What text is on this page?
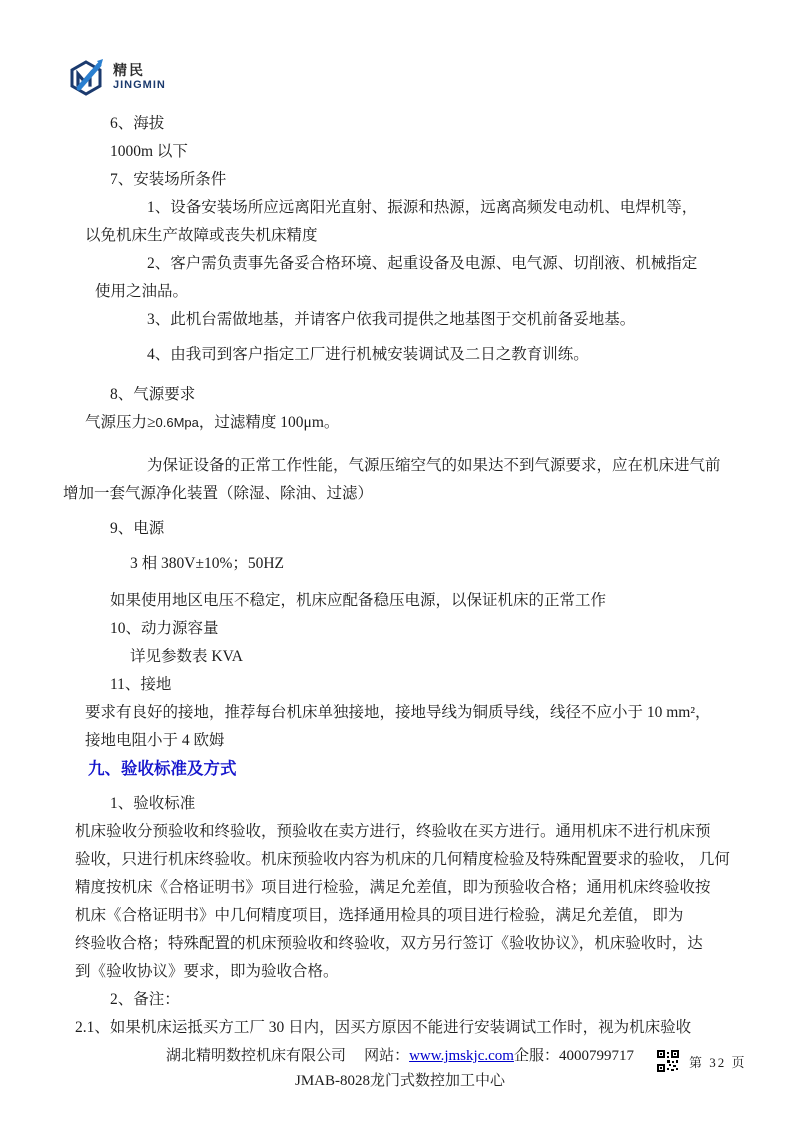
精民
JINGMIN
6、海拔
1000m 以下
7、安装场所条件
1、设备安装场所应远离阳光直射、振源和热源，远离高频发电动机、电焊机等，
以免机床生产故障或丧失机床精度
2、客户需负责事先备妥合格环境、起重设备及电源、电气源、切削液、机械指定
使用之油品。
3、此机台需做地基，并请客户依我司提供之地基图于交机前备妥地基。
4、由我司到客户指定工厂进行机械安装调试及二日之教育训练。
8、气源要求
气源压力≥0.6Mpa，过滤精度 100μm。
为保证设备的正常工作性能，气源压缩空气的如果达不到气源要求，应在机床进气前
增加一套气源净化装置（除湿、除油、过滤）
9、电源
3 相 380V±10%；50HZ
如果使用地区电压不稳定，机床应配备稳压电源，以保证机床的正常工作
10、动力源容量
详见参数表 KVA
11、接地
要求有良好的接地，推荐每台机床单独接地，接地导线为铜质导线，线径不应小于 10 mm²，
接地电阻小于 4 欧姆
九、验收标准及方式
1、验收标准
机床验收分预验收和终验收，预验收在卖方进行，终验收在买方进行。通用机床不进行机床预
验收，只进行机床终验收。机床预验收内容为机床的几何精度检验及特殊配置要求的验收， 几何
精度按机床《合格证明书》项目进行检验，满足允差值，即为预验收合格；通用机床终验收按
机床《合格证明书》中几何精度项目，选择通用检具的项目进行检验，满足允差值， 即为
终验收合格；特殊配置的机床预验收和终验收，双方另行签订《验收协议》，机床验收时，达
到《验收协议》要求，即为验收合格。
2、备注：
2.1、如果机床运抵买方工厂 30 日内，因买方原因不能进行安装调试工作时，视为机床验收
湖北精明数控机床有限公司 网站：www.jmskjc.com企服：4000799717
JMAB-8028龙门式数控加工中心
第 32 页
